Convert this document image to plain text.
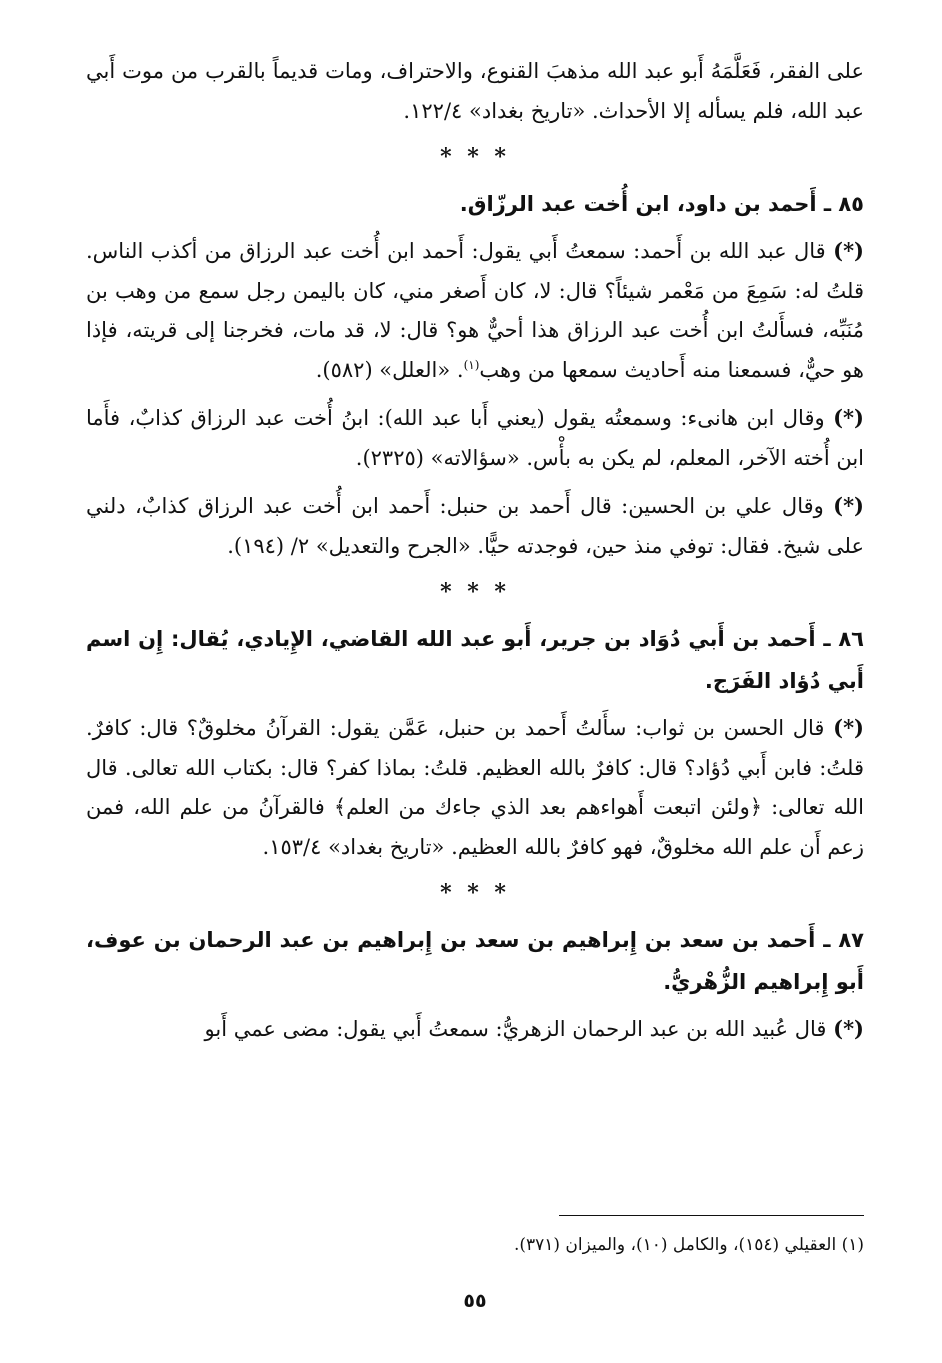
على الفقر، فَعَلَّمَهُ أَبو عبد الله مذهبَ القنوع، والاحتراف، ومات قديماً بالقرب من موت أَبي عبد الله، فلم يسأله إلا الأحداث. «تاريخ بغداد» ١٢٢/٤.

* * *
٨٥ ـ أَحمد بن داود، ابن أُخت عبد الرزّاق.

(*) قال عبد الله بن أَحمد: سمعتُ أَبي يقول: أَحمد ابن أُخت عبد الرزاق من أكذب الناس. قلتُ له: سَمِعَ من مَعْمر شيئاً؟ قال: لا، كان أَصغر مني، كان باليمن رجل سمع من وهب بن مُنَبِّه، فسأَلتُ ابن أُخت عبد الرزاق هذا أحيٌّ هو؟ قال: لا، قد مات، فخرجنا إلى قريته، فإذا هو حيٌّ، فسمعنا منه أَحاديث سمعها من وهب$^{(١)}$. «العلل» (٥٨٢).

(*) وقال ابن هانىء: وسمعتُه يقول (يعني أَبا عبد الله): ابنُ أُخت عبد الرزاق كذابٌ، فأَما ابن أُخته الآخر، المعلم، لم يكن به بأْس. «سؤالاته» (٢٣٢٥).

(*) وقال علي بن الحسين: قال أَحمد بن حنبل: أَحمد ابن أُخت عبد الرزاق كذابٌ، دلني على شيخ. فقال: توفي منذ حين، فوجدته حيًّا. «الجرح والتعديل» ٢/ (١٩٤).

* * *
٨٦ ـ أَحمد بن أَبي دُوَاد بن جرير، أَبو عبد الله القاضي، الإِيادي، يُقال: إِن اسم أَبي دُؤاد الفَرَج.

(*) قال الحسن بن ثواب: سأَلتُ أَحمد بن حنبل، عَمَّن يقول: القرآنُ مخلوقٌ؟ قال: كافرٌ. قلتُ: فابن أَبي دُؤاد؟ قال: كافرٌ بالله العظيم. قلتُ: بماذا كفر؟ قال: بكتاب الله تعالى. قال الله تعالى: ﴿ولئن اتبعت أَهواءهم بعد الذي جاءك من العلم﴾ فالقرآنُ من علم الله، فمن زعم أَن علم الله مخلوقٌ، فهو كافرٌ بالله العظيم. «تاريخ بغداد» ١٥٣/٤.

* * *
٨٧ ـ أَحمد بن سعد بن إِبراهيم بن سعد بن إِبراهيم بن عبد الرحمان بن عوف، أَبو إِبراهيم الزُّهْريُّ.

(*) قال عُبيد الله بن عبد الرحمان الزهريُّ: سمعتُ أَبي يقول: مضى عمي أَبو

(١) العقيلي (١٥٤)، والكامل (١٠)، والميزان (٣٧١).
٥٥
